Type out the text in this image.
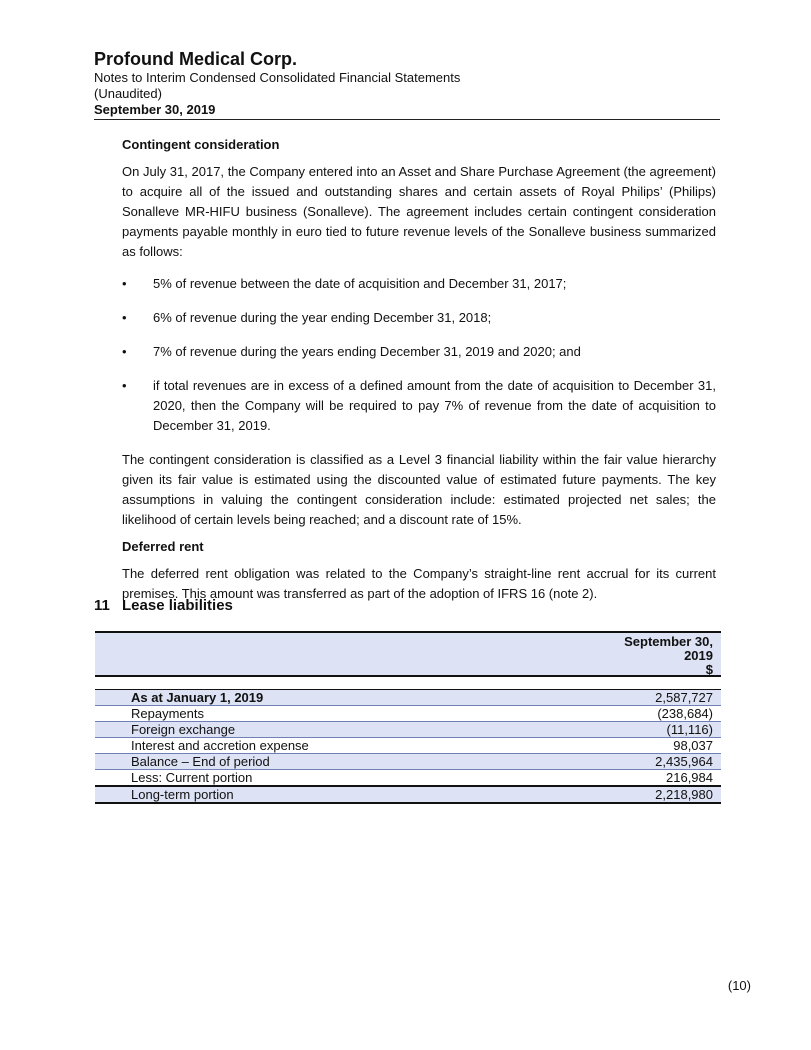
Profound Medical Corp.

Notes to Interim Condensed Consolidated Financial Statements

(Unaudited)

September 30, 2019

Contingent consideration

On July 31, 2017, the Company entered into an Asset and Share Purchase Agreement (the agreement) to acquire all of the issued and outstanding shares and certain assets of Royal Philips’ (Philips) Sonalleve MR-HIFU business (Sonalleve). The agreement includes certain contingent consideration payments payable monthly in euro tied to future revenue levels of the Sonalleve business summarized as follows:

• 5% of revenue between the date of acquisition and December 31, 2017;
• 6% of revenue during the year ending December 31, 2018;
• 7% of revenue during the years ending December 31, 2019 and 2020; and
• if total revenues are in excess of a defined amount from the date of acquisition to December 31, 2020, then the Company will be required to pay 7% of revenue from the date of acquisition to December 31, 2019.

The contingent consideration is classified as a Level 3 financial liability within the fair value hierarchy given its fair value is estimated using the discounted value of estimated future payments. The key assumptions in valuing the contingent consideration include: estimated projected net sales; the likelihood of certain levels being reached; and a discount rate of 15%.

Deferred rent

The deferred rent obligation was related to the Company’s straight-line rent accrual for its current premises. This amount was transferred as part of the adoption of IFRS 16 (note 2).

11 Lease liabilities
September 30,
2019
$
As at January 1, 2019	2,587,727
Repayments	(238,684)
Foreign exchange	(11,116)
Interest and accretion expense	98,037
Balance – End of period	2,435,964
Less: Current portion	216,984
Long-term portion	2,218,980
(10)
